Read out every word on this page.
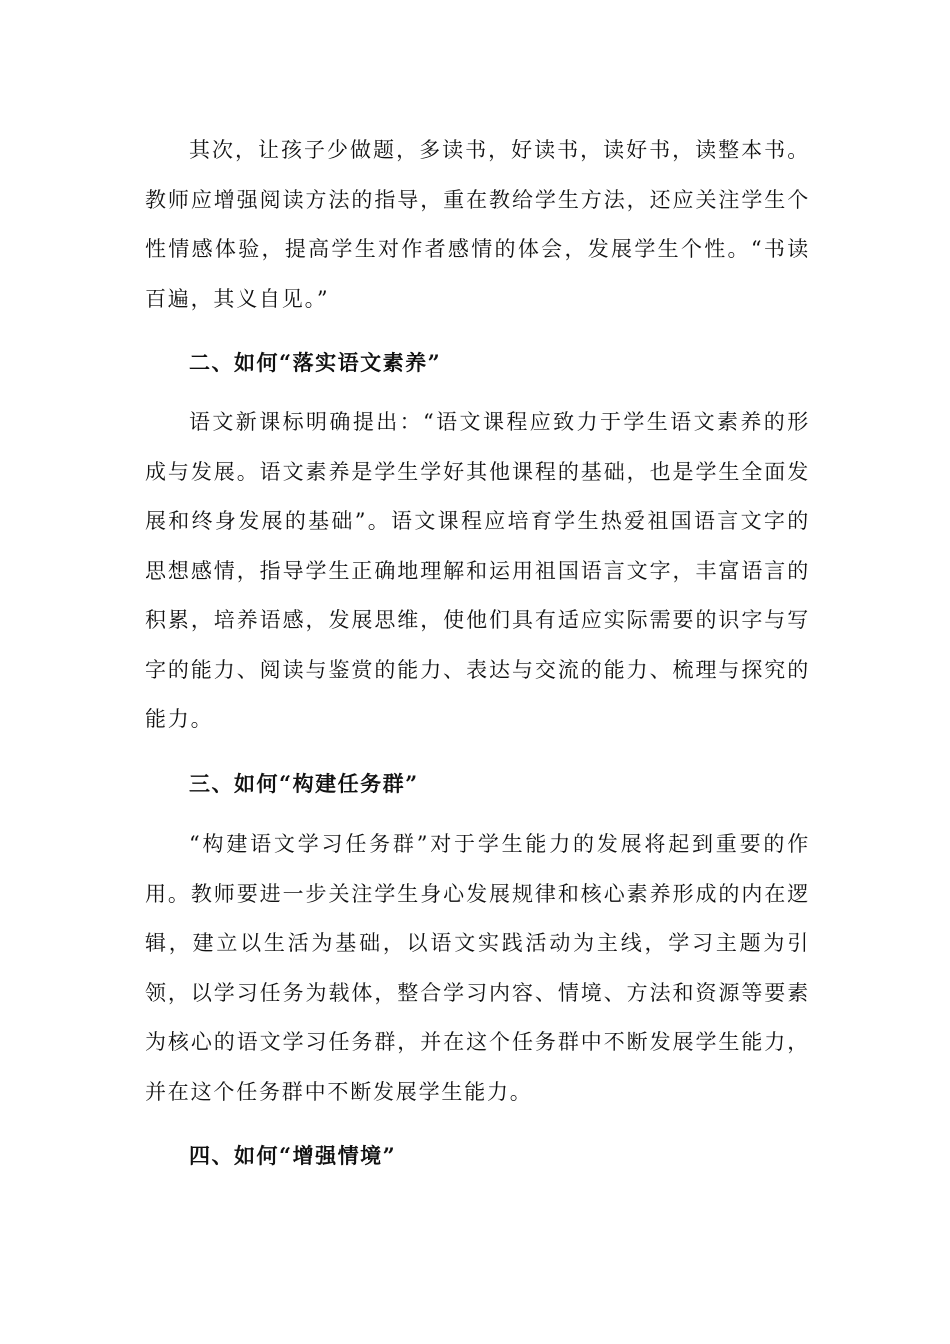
其次，让孩子少做题，多读书，好读书，读好书，读整本书。教师应增强阅读方法的指导，重在教给学生方法，还应关注学生个性情感体验，提高学生对作者感情的体会，发展学生个性。“书读百遍，其义自见。”

二、如何“落实语文素养”

语文新课标明确提出：“语文课程应致力于学生语文素养的形成与发展。语文素养是学生学好其他课程的基础，也是学生全面发展和终身发展的基础”。语文课程应培育学生热爱祖国语言文字的思想感情，指导学生正确地理解和运用祖国语言文字，丰富语言的积累，培养语感，发展思维，使他们具有适应实际需要的识字与写字的能力、阅读与鉴赏的能力、表达与交流的能力、梳理与探究的能力。

三、如何“构建任务群”

“构建语文学习任务群”对于学生能力的发展将起到重要的作用。教师要进一步关注学生身心发展规律和核心素养形成的内在逻辑，建立以生活为基础，以语文实践活动为主线，学习主题为引领，以学习任务为载体，整合学习内容、情境、方法和资源等要素为核心的语文学习任务群，并在这个任务群中不断发展学生能力，并在这个任务群中不断发展学生能力。

四、如何“增强情境”
